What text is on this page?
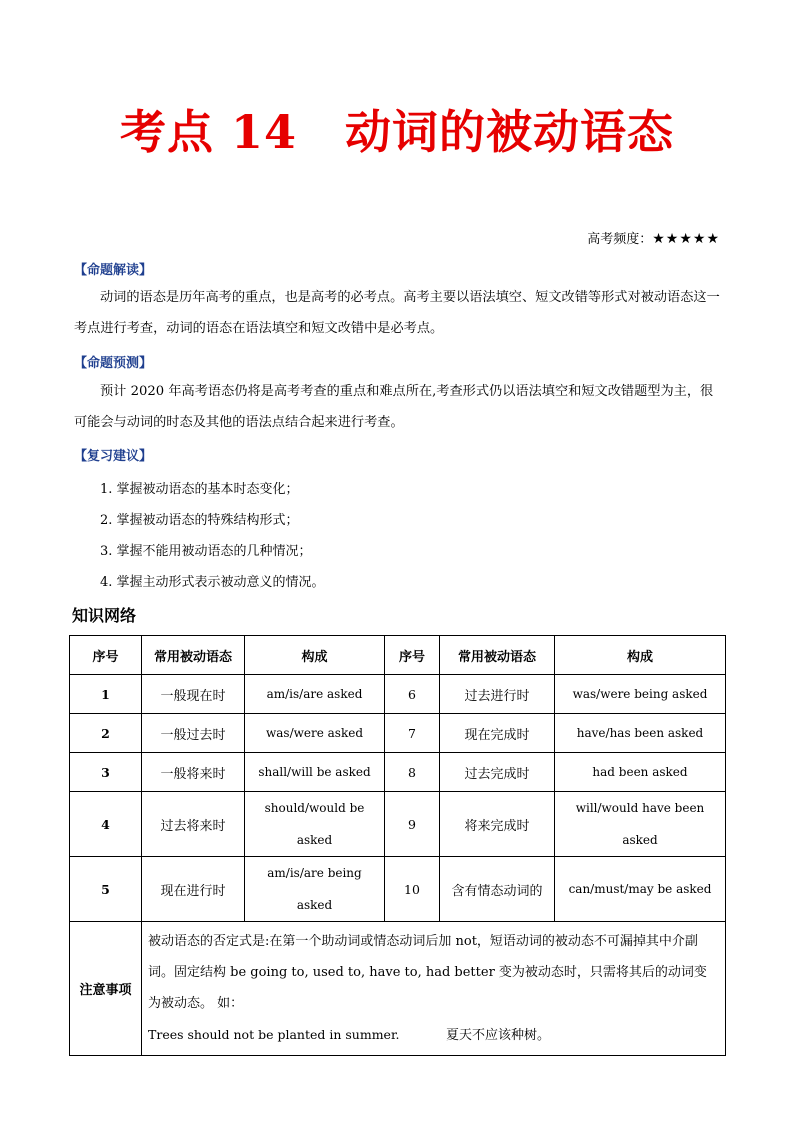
考点 14 动词的被动语态
高考频度：★★★★★
【命题解读】
动词的语态是历年高考的重点，也是高考的必考点。高考主要以语法填空、短文改错等形式对被动语态这一考点进行考查，动词的语态在语法填空和短文改错中是必考点。
【命题预测】
预计 2020 年高考语态仍将是高考考查的重点和难点所在,考查形式仍以语法填空和短文改错题型为主，很可能会与动词的时态及其他的语法点结合起来进行考查。
【复习建议】
1. 掌握被动语态的基本时态变化；
2. 掌握被动语态的特殊结构形式；
3. 掌握不能用被动语态的几种情况；
4. 掌握主动形式表示被动意义的情况。
知识网络
序号	常用被动语态	构成	序号	常用被动语态	构成
1	一般现在时	am/is/are asked	6	过去进行时	was/were being asked
2	一般过去时	was/were asked	7	现在完成时	have/has been asked
3	一般将来时	shall/will be asked	8	过去完成时	had been asked
4	过去将来时	should/would be asked	9	将来完成时	will/would have been asked
5	现在进行时	am/is/are being asked	10	含有情态动词的	can/must/may be asked
注意事项	被动语态的否定式是:在第一个助动词或情态动词后加 not，短语动词的被动态不可漏掉其中介副词。固定结构 be going to, used to, have to, had better 变为被动态时，只需将其后的动词变为被动态。 如：
Trees should not be planted in summer. 夏天不应该种树。				
